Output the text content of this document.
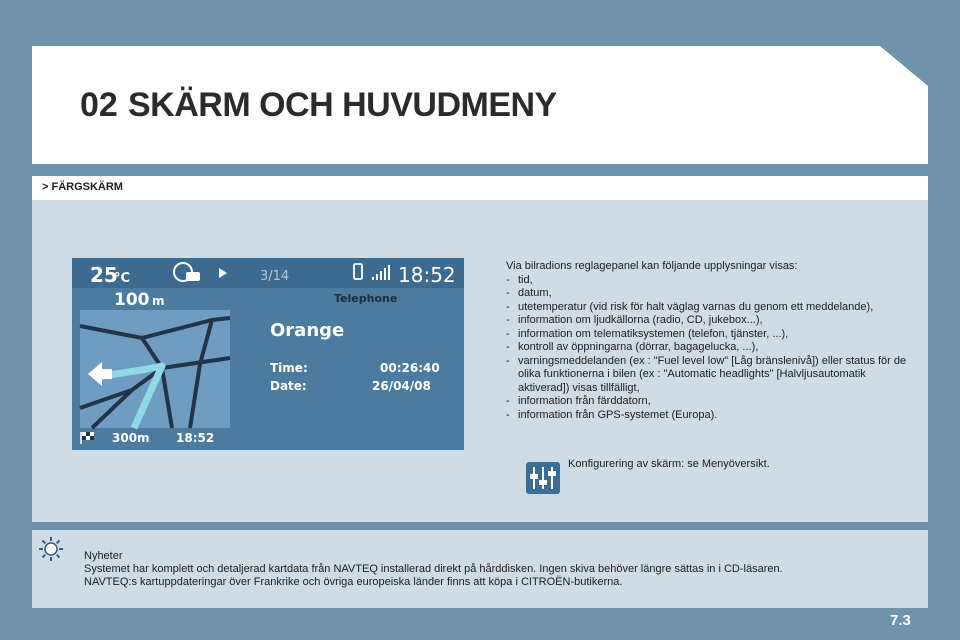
02 SKÄRM OCH HUVUDMENY
> FÄRGSKÄRM
25
°C	3/14	18:52
100 m	Telephone
Orange
Time:	00:26:40
Date:	26/04/08
300m 18:52
Via bilradions reglagepanel kan följande upplysningar visas:
- tid,
- datum,
- utetemperatur (vid risk för halt väglag varnas du genom ett meddelande),
- information om ljudkällorna (radio, CD, jukebox...),
- information om telematiksystemen (telefon, tjänster, ...),
- kontroll av öppningarna (dörrar, bagagelucka, ...),
- varningsmeddelanden (ex : "Fuel level low" [Låg bränslenivå]) eller status för de olika funktionerna i bilen (ex : "Automatic headlights" [Halvljusautomatik aktiverad]) visas tillfälligt,
- information från färddatorn,
- information från GPS-systemet (Europa).
Konfigurering av skärm: se Menyöversikt.
Nyheter
Systemet har komplett och detaljerad kartdata från NAVTEQ installerad direkt på hårddisken. Ingen skiva behöver längre sättas in i CD-läsaren.
NAVTEQ:s kartuppdateringar över Frankrike och övriga europeiska länder finns att köpa i CITROËN-butikerna.
7.3
